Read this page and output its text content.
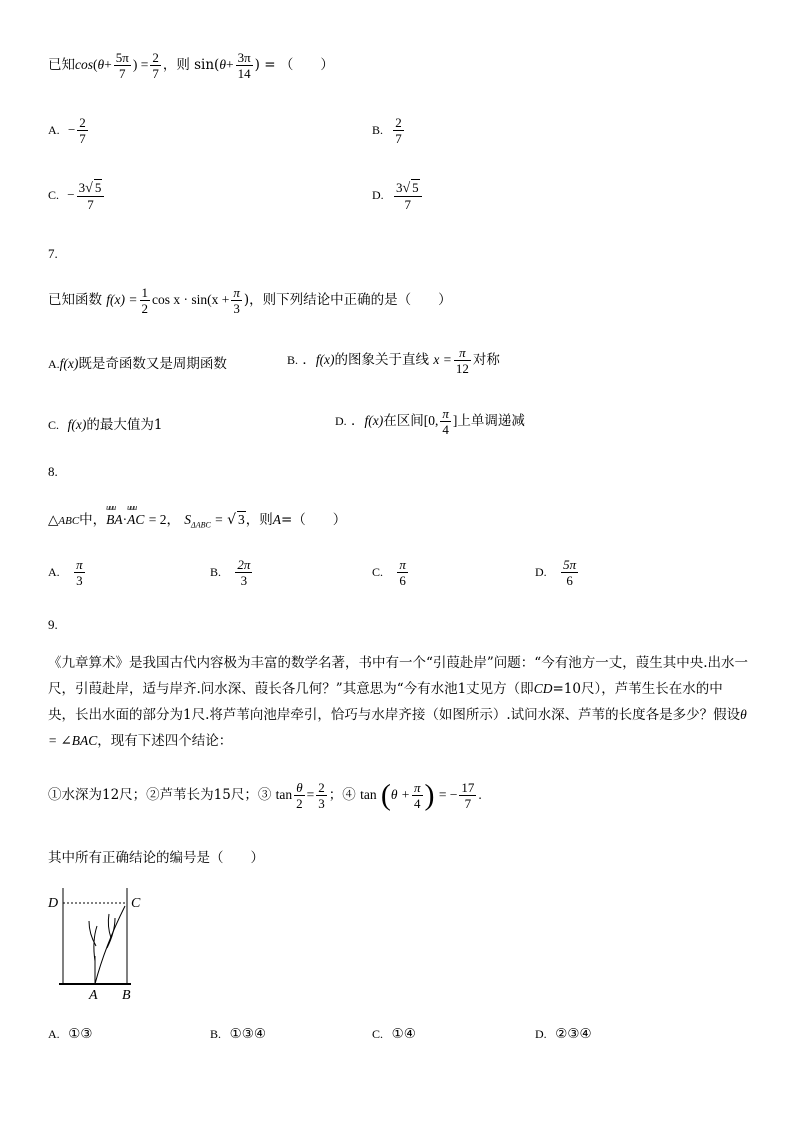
已知$\cos(\theta+ \frac{5\pi}{7}$ ) = $\frac{2}{7}$ ，则 $\sin(\theta+ \frac{3\pi}{14}$ ) = （　　）
A. − $\frac{2}{7}$	B. $\frac{2}{7}$
C. − $\frac{3√ 5}{7}$	D. $\frac{3√ 5}{7}$
7.
已知函数 $f(x) = \frac{1}{2}$ $\cos x \cdot \sin(x + \frac{\pi}{3}$ )，则下列结论中正确的是（　　）
A.f(x)既是奇函数又是周期函数	B. ．f(x)的图象关于直线 $x = \frac{\pi}{12}$ 对称
C. f(x)的最大值为1	D. ．f(x)在区间[0, $\frac{\pi}{4}$ ]上单调递减
8.
△ABC中，uuu BA·uuu AC = 2， $S_{\Delta ABC}$ = √ 3，则A=（　　）
A. $\frac{\pi}{3}$	B. $\frac{2\pi}{3}$	C. $\frac{\pi}{6}$	D. $\frac{5\pi}{6}$
9.
《九章算术》是我国古代内容极为丰富的数学名著，书中有一个“引葭赴岸”问题：“今有池方一丈，葭生其中央.出水一尺，引葭赴岸，适与岸齐.问水深、葭长各几何？”其意思为“今有水池1丈见方（即CD=10尺），芦苇生长在水的中央，长出水面的部分为1尺.将芦苇向池岸牵引，恰巧与水岸齐接（如图所示）.试问水深、芦苇的长度各是多少？假设θ = ∠BAC，现有下述四个结论：
①水深为12尺；②芦苇长为15尺；③ $\tan \frac{\theta}{2} = \frac{2}{3}$ ；④ $\tan (\theta + \frac{\pi}{4}$ ) = − $\frac{17}{7}$ .
其中所有正确结论的编号是（　　）
D	C
A B
A. ①③	B. ①③④	C. ①④	D. ②③④
